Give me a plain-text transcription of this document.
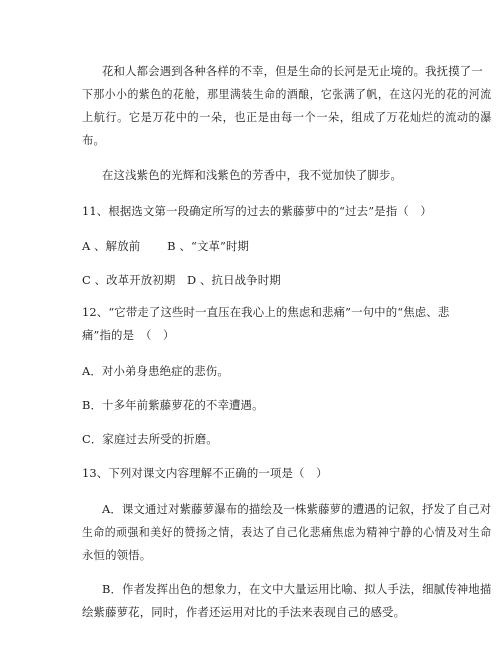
花和人都会遇到各种各样的不幸，但是生命的长河是无止境的。我抚摸了一
下那小小的紫色的花舱，那里满装生命的酒酿，它张满了帆，在这闪光的花的河流
上航行。它是万花中的一朵，也正是由每一个一朵，组成了万花灿烂的流动的瀑
布。
在这浅紫色的光辉和浅紫色的芳香中，我不觉加快了脚步。
11、根据选文第一段确定所写的过去的紫藤萝中的“过去”是指（　）
A 、解放前　　 B 、“文革”时期
C 、改革开放初期　D 、抗日战争时期
12、“它带走了这些时一直压在我心上的焦虑和悲痛”一句中的“焦虑、悲
痛”指的是　（　）
A．对小弟身患绝症的悲伤。
B．十多年前紫藤萝花的不幸遭遇。
C．家庭过去所受的折磨。
13、下列对课文内容理解不正确的一项是（　）
A．课文通过对紫藤萝瀑布的描绘及一株紫藤萝的遭遇的记叙，抒发了自己对
生命的顽强和美好的赞扬之情，表达了自己化悲痛焦虑为精神宁静的心情及对生命
永恒的领悟。
B．作者发挥出色的想象力，在文中大量运用比喻、拟人手法，细腻传神地描
绘紫藤萝花，同时，作者还运用对比的手法来表现自己的感受。
